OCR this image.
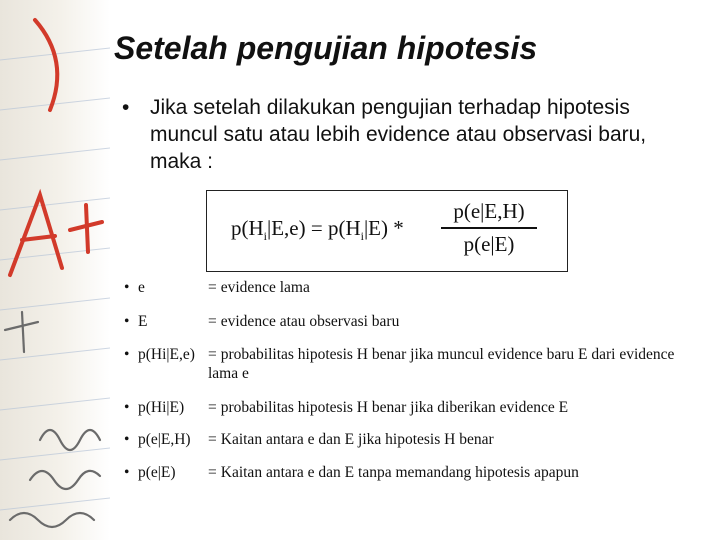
Setelah pengujian hipotesis
• Jika setelah dilakukan pengujian terhadap hipotesis muncul satu atau lebih evidence atau observasi baru, maka :
$p(H_i|E,e) = p(H_i|E) * \frac{p(e|E,H)}{p(e|E)}$
• e	= evidence lama
• E	= evidence atau observasi baru
• p(Hi|E,e) = probabilitas hipotesis H benar jika muncul evidence baru E dari evidence lama e
• p(Hi|E) = probabilitas hipotesis H benar jika diberikan evidence E
• p(e|E,H) = Kaitan antara e dan E jika hipotesis H benar
• p(e|E) = Kaitan antara e dan E tanpa memandang hipotesis apapun
